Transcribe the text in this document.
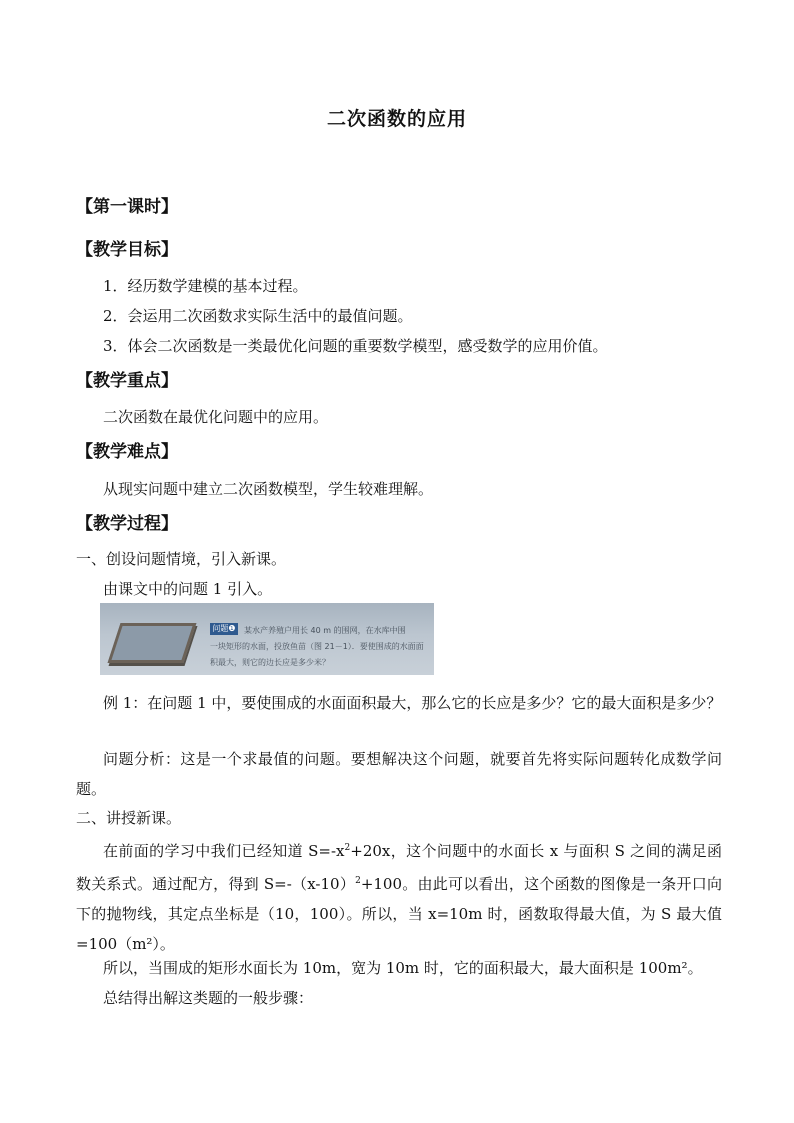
二次函数的应用
【第一课时】
【教学目标】
1．经历数学建模的基本过程。
2．会运用二次函数求实际生活中的最值问题。
3．体会二次函数是一类最优化问题的重要数学模型，感受数学的应用价值。
【教学重点】
二次函数在最优化问题中的应用。
【教学难点】
从现实问题中建立二次函数模型，学生较难理解。
【教学过程】
一、创设问题情境，引入新课。
由课文中的问题 1 引入。
问题❶	某水产养殖户用长 40 m 的围网，在水库中围
一块矩形的水面，投放鱼苗（图 21－1）．要使围成的水面面
积最大，则它的边长应是多少米？
例 1：在问题 1 中，要使围成的水面面积最大，那么它的长应是多少？它的最大面积是多少？
问题分析：这是一个求最值的问题。要想解决这个问题，就要首先将实际问题转化成数学问题。
二、讲授新课。
在前面的学习中我们已经知道 $S=-x^2+20x$，这个问题中的水面长 x 与面积 S 之间的满足函数关系式。通过配方，得到 $S=-(x-10)^2+100$。由此可以看出，这个函数的图像是一条开口向下的抛物线，其定点坐标是（10，100）。所以，当 x=10m 时，函数取得最大值，为 S 最大值=100（m²）。
所以，当围成的矩形水面长为 10m，宽为 10m 时，它的面积最大，最大面积是 100m²。
总结得出解这类题的一般步骤：
